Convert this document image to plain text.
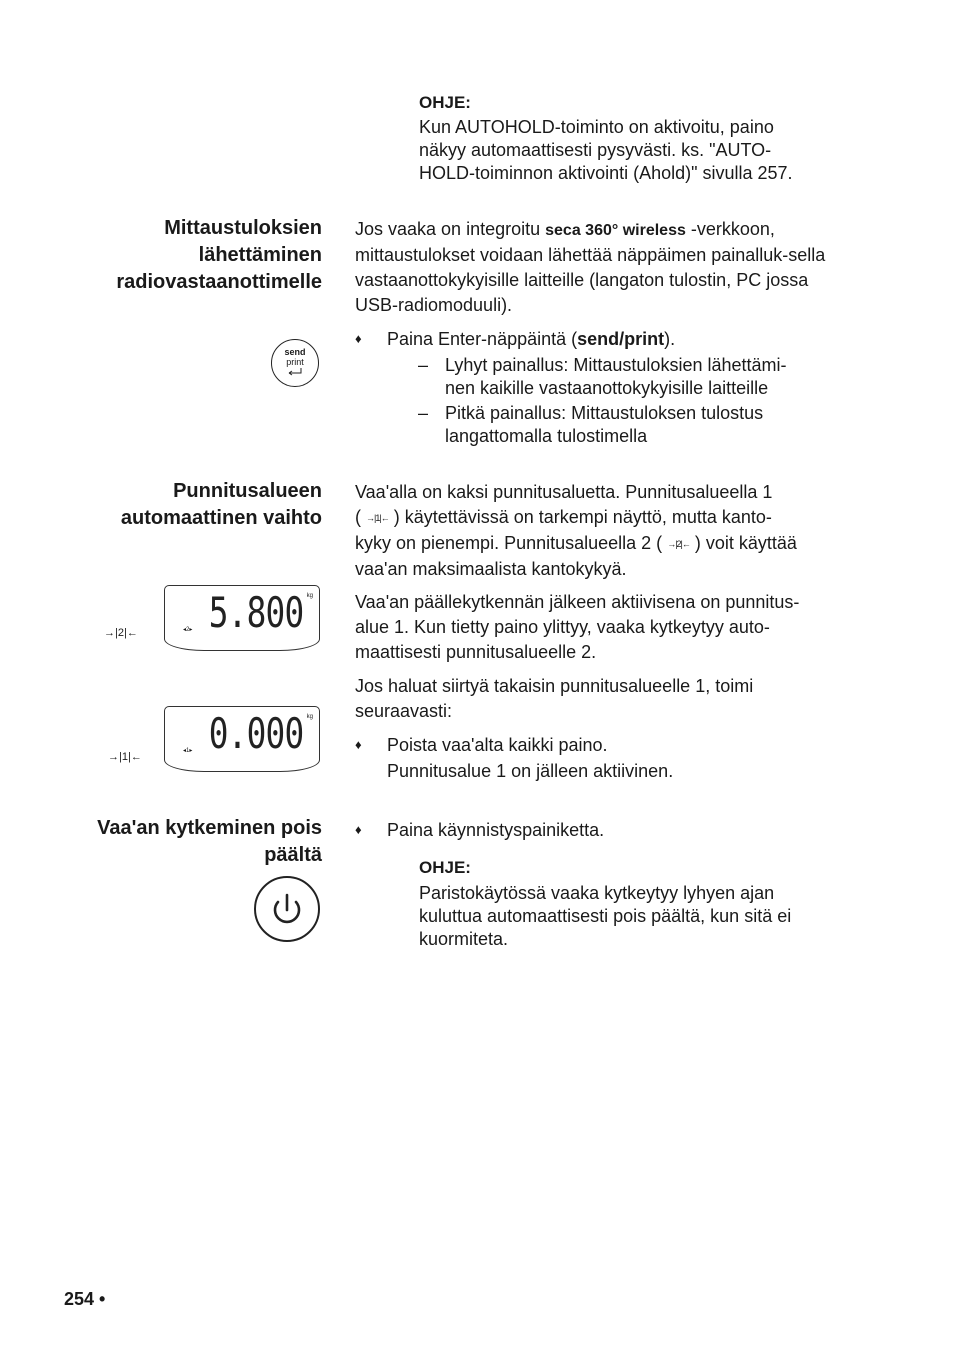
OHJE:
Kun AUTOHOLD-toiminto on aktivoitu, paino
näkyy automaattisesti pysyvästi. ks. "AUTO-
HOLD-toiminnon aktivointi (Ahold)" sivulla 257.
Mittaustuloksien
lähettäminen
radiovastaanottimelle
Jos vaaka on integroitu seca 360° wireless -verkkoon, mittaustulokset voidaan lähettää näppäimen painalluk-sella vastaanottokykyisille laitteille (langaton tulostin, PC jossa USB-radiomoduuli).
send
print
♦ Paina Enter-näppäintä (send/print).
– Lyhyt painallus: Mittaustuloksien lähettämi-
nen kaikille vastaanottokykyisille laitteille
– Pitkä painallus: Mittaustuloksen tulostus
langattomalla tulostimella
Punnitusalueen
automaattinen vaihto
Vaa'alla on kaksi punnitusaluetta. Punnitusalueella 1
( →|1|← ) käytettävissä on tarkempi näyttö, mutta kanto-
kyky on pienempi. Punnitusalueella 2 ( →|2|← ) voit käyttää
vaa'an maksimaalista kantokykyä.
Vaa'an päällekytkennän jälkeen aktiivisena on punnitus-
alue 1. Kun tietty paino ylittyy, vaaka kytkeytyy auto-
maattisesti punnitusalueelle 2.
Jos haluat siirtyä takaisin punnitusalueelle 1, toimi
seuraavasti:
♦ Poista vaa'alta kaikki paino.
Punnitusalue 1 on jälleen aktiivinen.
→|2|← 5.800 kg
◂2▸
→|1|← 0.000 kg
◂1▸
Vaa'an kytkeminen pois
päältä
♦ Paina käynnistyspainiketta.
OHJE:
Paristokäytössä vaaka kytkeytyy lyhyen ajan
kuluttua automaattisesti pois päältä, kun sitä ei
kuormiteta.
254 •
